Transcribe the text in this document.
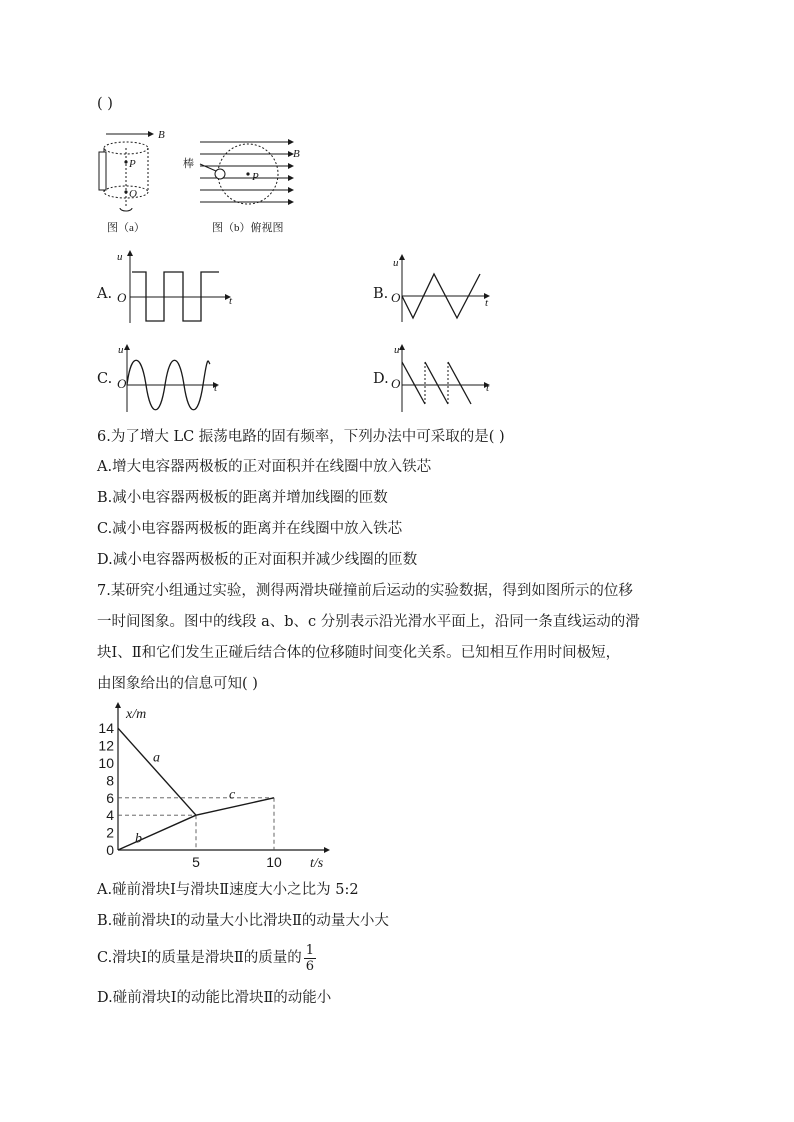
( )
B
P
O
图（a）
B
P
棒
图（b）俯视图
A.
u
O	t	B.
u
O	t
C.
u
O	t
D.
u
O	t
6.为了增大 LC 振荡电路的固有频率，下列办法中可采取的是( )
A.增大电容器两极板的正对面积并在线圈中放入铁芯
B.减小电容器两极板的距离并增加线圈的匝数
C.减小电容器两极板的距离并在线圈中放入铁芯
D.减小电容器两极板的正对面积并减少线圈的匝数
7.某研究小组通过实验，测得两滑块碰撞前后运动的实验数据，得到如图所示的位移
一时间图象。图中的线段 a、b、c 分别表示沿光滑水平面上，沿同一条直线运动的滑
块Ⅰ、Ⅱ和它们发生正碰后结合体的位移随时间变化关系。已知相互作用时间极短，
由图象给出的信息可知( )
0
2
4
6
8
10
12
14
5	10
x/m
t/s
a
b
c
A.碰前滑块Ⅰ与滑块Ⅱ速度大小之比为 5:2
B.碰前滑块Ⅰ的动量大小比滑块Ⅱ的动量大小大
C.滑块Ⅰ的质量是滑块Ⅱ的质量的 $\frac{1}{6}$
D.碰前滑块Ⅰ的动能比滑块Ⅱ的动能小
